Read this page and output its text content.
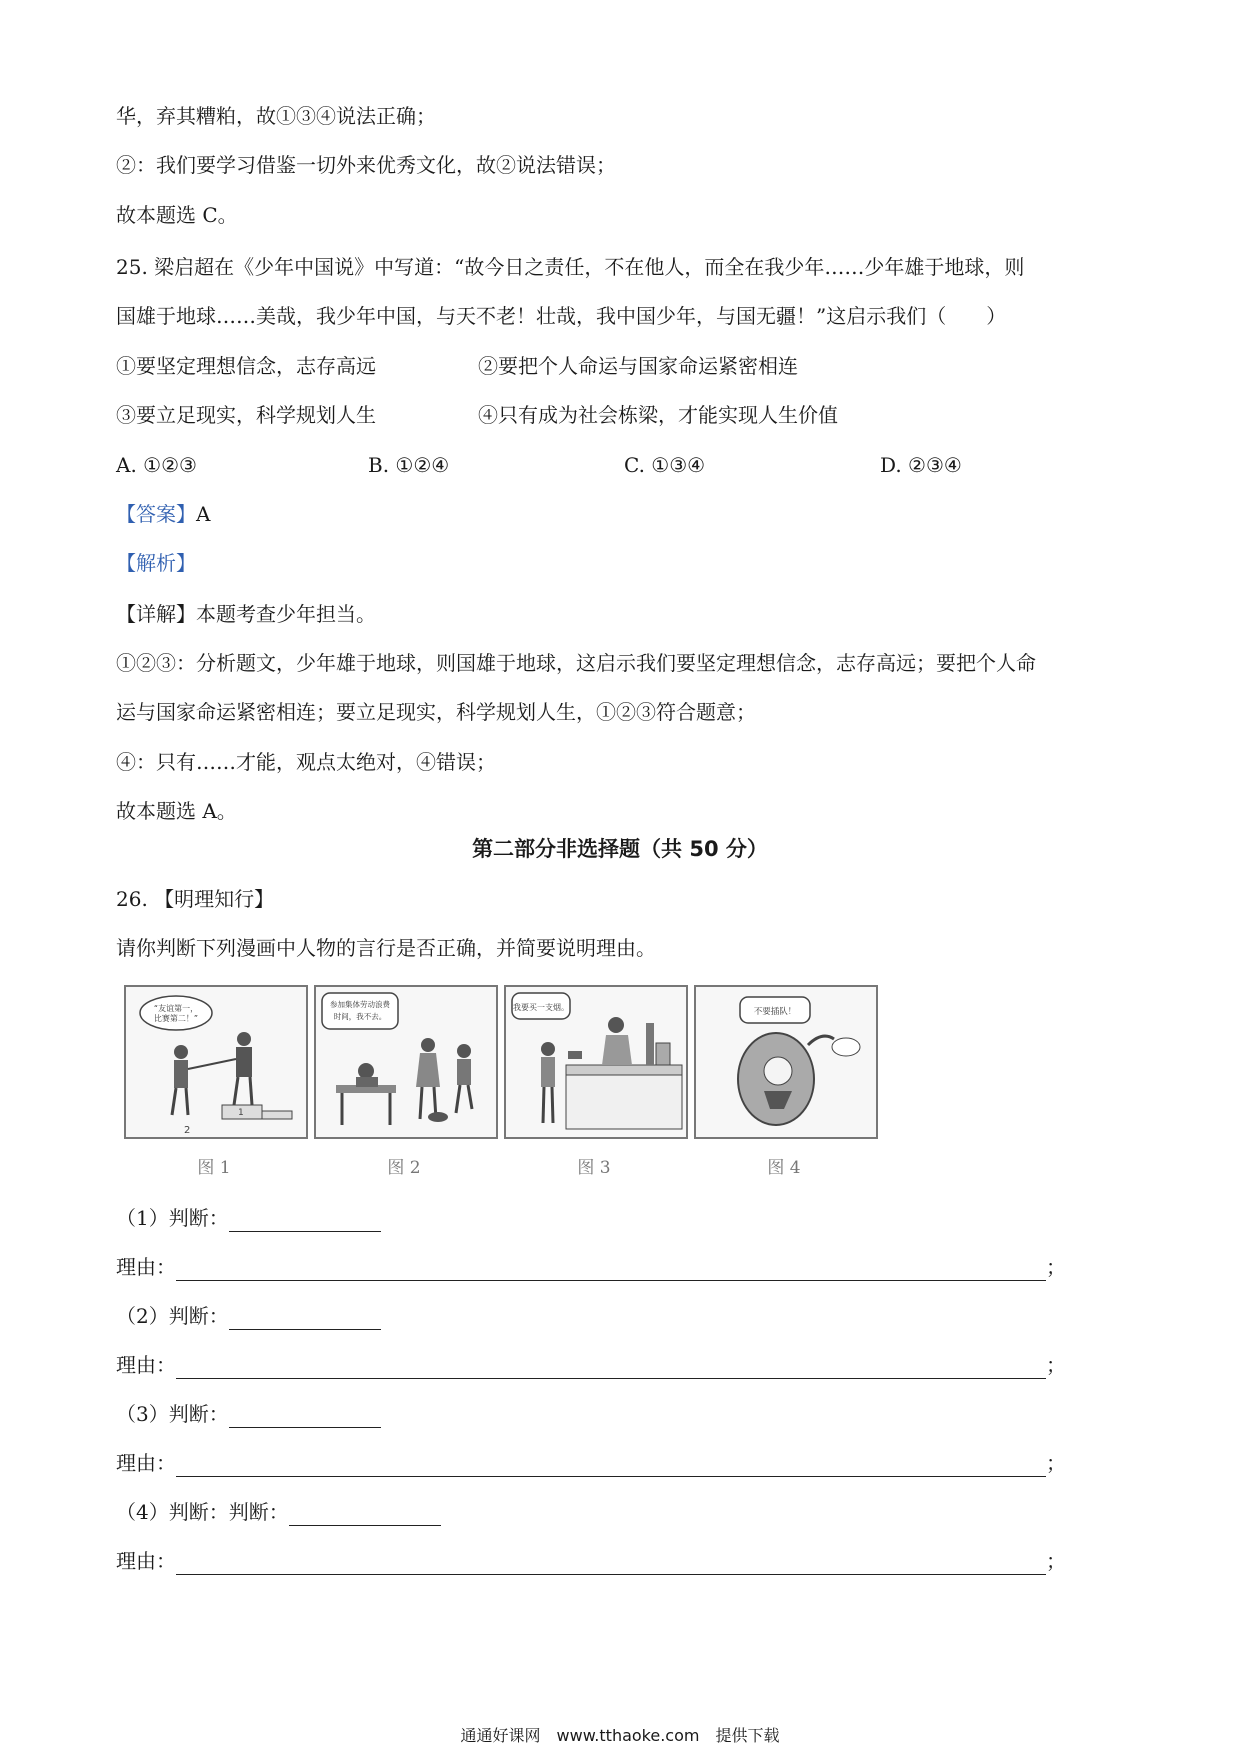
华，弃其糟粕，故①③④说法正确；
②：我们要学习借鉴一切外来优秀文化，故②说法错误；
故本题选 C。
25. 梁启超在《少年中国说》中写道：“故今日之责任，不在他人，而全在我少年……少年雄于地球，则
国雄于地球……美哉，我少年中国，与天不老！壮哉，我中国少年，与国无疆！”这启示我们（　　）
①要坚定理想信念，志存高远	②要把个人命运与国家命运紧密相连
③要立足现实，科学规划人生	④只有成为社会栋梁，才能实现人生价值
A. ①②③	B. ①②④	C. ①③④	D. ②③④
【答案】A
【解析】
【详解】本题考查少年担当。
①②③：分析题文，少年雄于地球，则国雄于地球，这启示我们要坚定理想信念，志存高远；要把个人命
运与国家命运紧密相连；要立足现实，科学规划人生，①②③符合题意；
④：只有……才能，观点太绝对，④错误；
故本题选 A。
第二部分非选择题（共 50 分）
26. 【明理知行】
请你判断下列漫画中人物的言行是否正确，并简要说明理由。
“友谊第一，
比赛第二！”
2
1
参加集体劳动浪费
时间，我不去。
我要买一支烟。	不要插队！
图 1	图 2	图 3	图 4
（1）判断：
理由：	；
（2）判断：
理由：	；
（3）判断：
理由：	；
（4）判断：判断：
理由：	；
通通好课网　www.tthaoke.com　提供下载
